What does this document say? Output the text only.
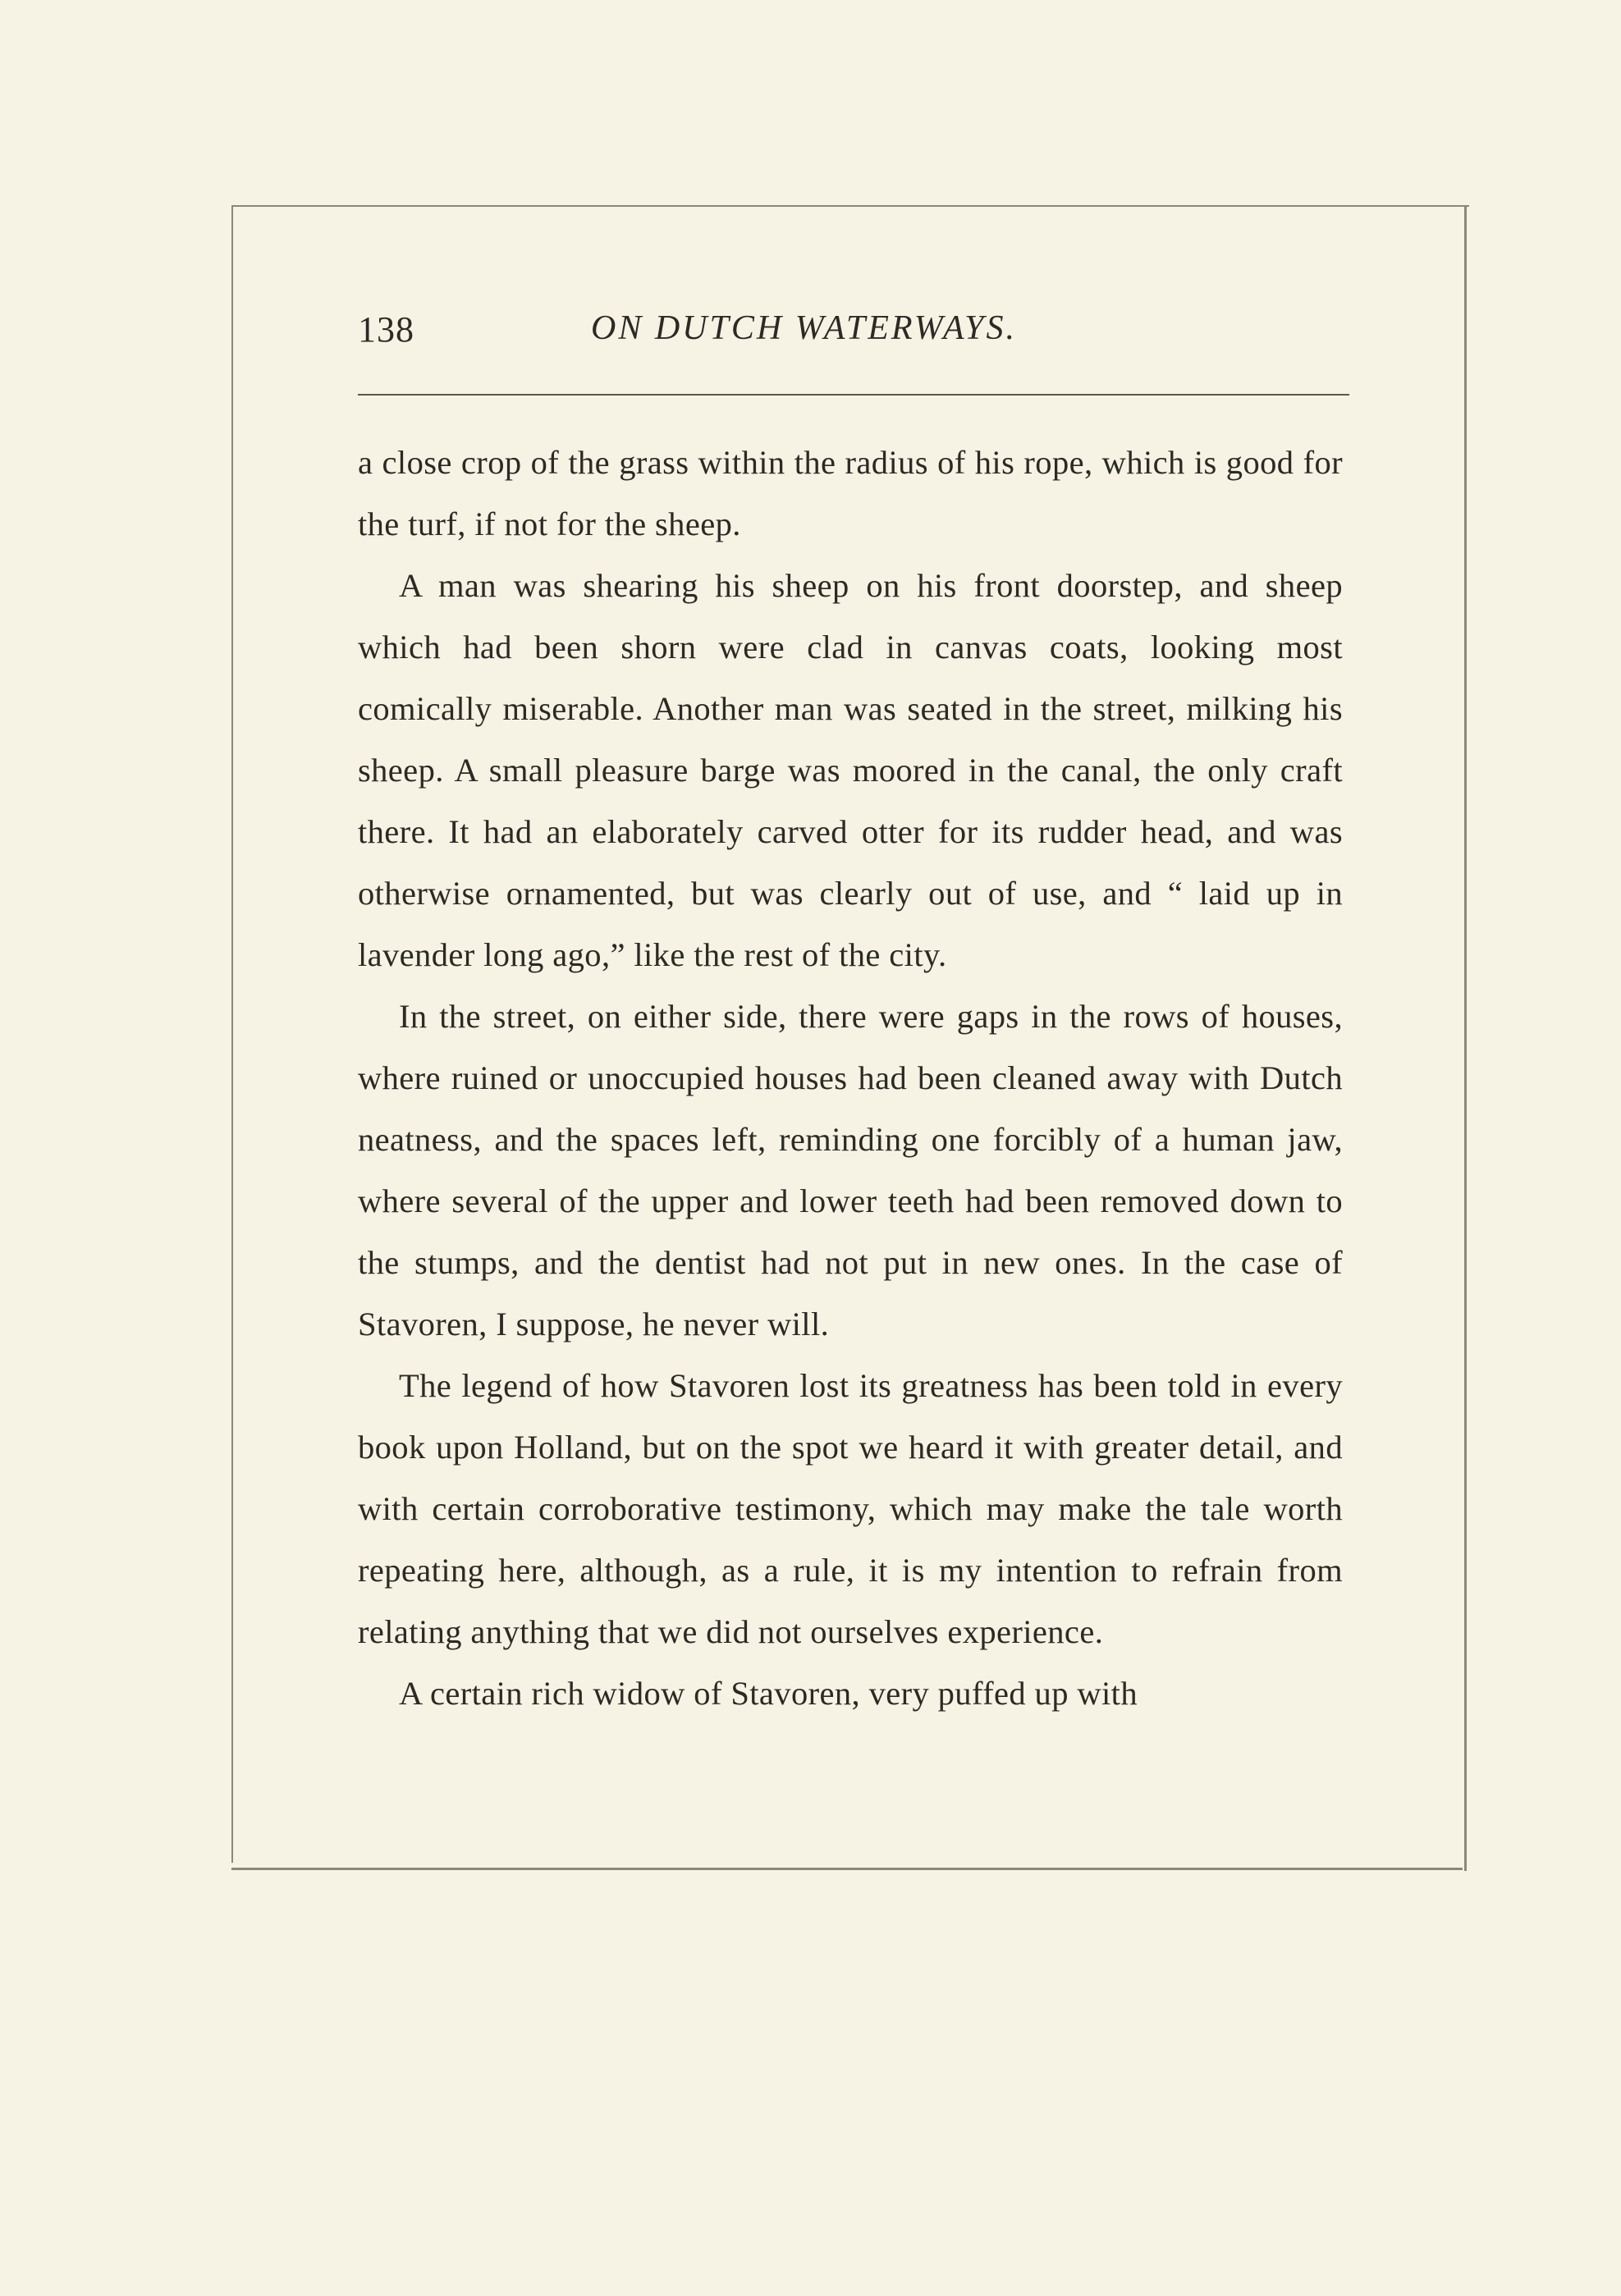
138	ON DUTCH WATERWAYS.

a close crop of the grass within the radius of his rope, which is good for the turf, if not for the sheep.

A man was shearing his sheep on his front doorstep, and sheep which had been shorn were clad in canvas coats, looking most comically miserable. Another man was seated in the street, milking his sheep. A small pleasure barge was moored in the canal, the only craft there. It had an elaborately carved otter for its rudder head, and was otherwise ornamented, but was clearly out of use, and “ laid up in lavender long ago,” like the rest of the city.

In the street, on either side, there were gaps in the rows of houses, where ruined or unoccupied houses had been cleaned away with Dutch neatness, and the spaces left, reminding one forcibly of a human jaw, where several of the upper and lower teeth had been removed down to the stumps, and the dentist had not put in new ones. In the case of Stavoren, I suppose, he never will.

The legend of how Stavoren lost its greatness has been told in every book upon Holland, but on the spot we heard it with greater detail, and with certain corroborative testimony, which may make the tale worth repeating here, although, as a rule, it is my intention to refrain from relating anything that we did not ourselves experience.

A certain rich widow of Stavoren, very puffed up with
